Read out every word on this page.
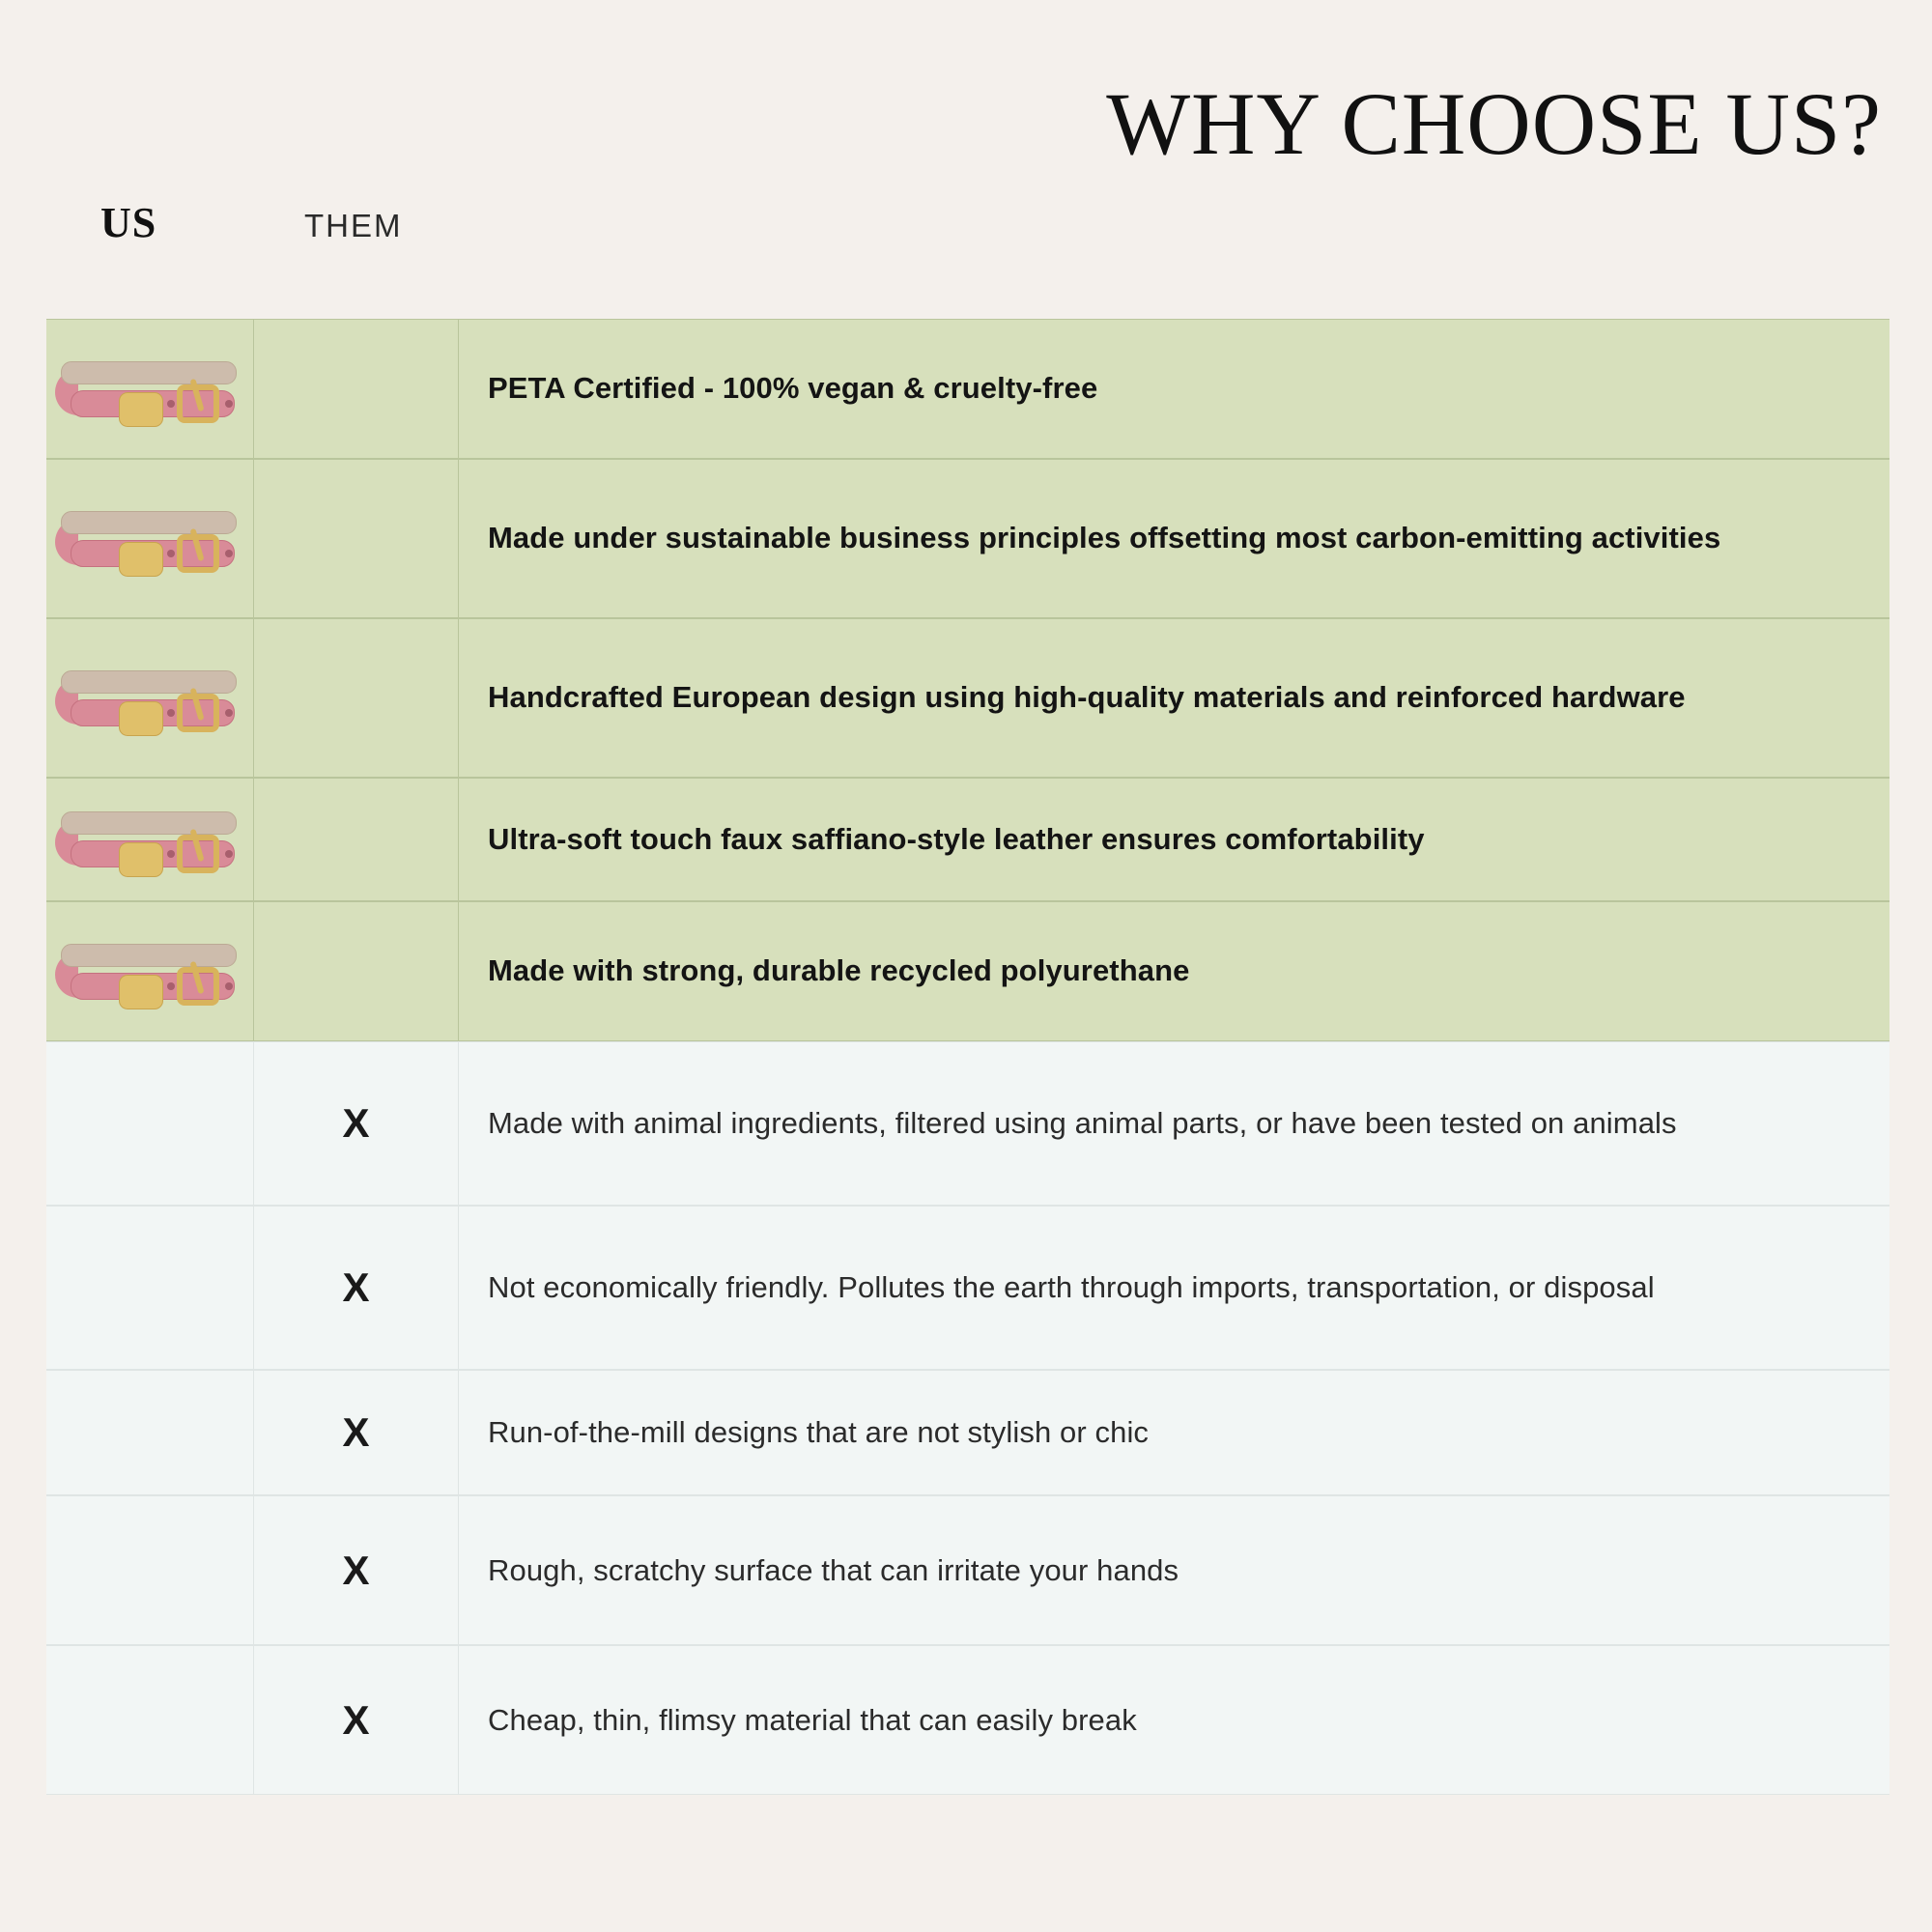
WHY CHOOSE US?
US	THEM
PETA Certified - 100% vegan & cruelty-free
Made under sustainable business principles offsetting most carbon-emitting activities
Handcrafted European design using high-quality materials and reinforced hardware
Ultra-soft touch faux saffiano-style leather ensures comfortability
Made with strong, durable recycled polyurethane
X	Made with animal ingredients, filtered using animal parts, or have been tested on animals
X	Not economically friendly. Pollutes the earth through imports, transportation, or disposal
X	Run-of-the-mill designs that are not stylish or chic
X	Rough, scratchy surface that can irritate your hands
X	Cheap, thin, flimsy material that can easily break
